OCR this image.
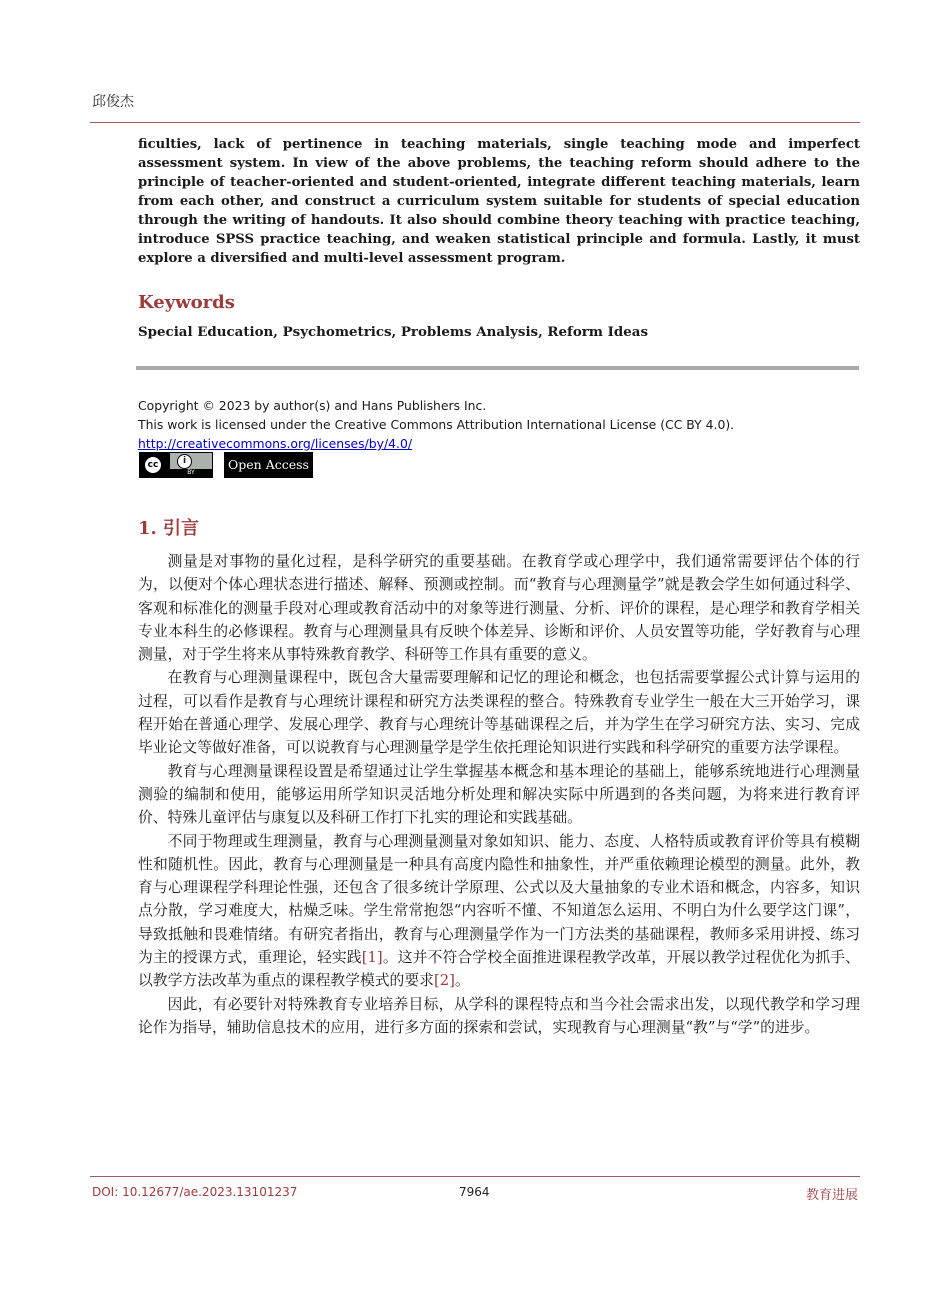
邱俊杰

ficulties, lack of pertinence in teaching materials, single teaching mode and imperfect assessment system. In view of the above problems, the teaching reform should adhere to the principle of teacher-oriented and student-oriented, integrate different teaching materials, learn from each other, and construct a curriculum system suitable for students of special education through the writing of handouts. It also should combine theory teaching with practice teaching, introduce SPSS practice teaching, and weaken statistical principle and formula. Lastly, it must explore a diversified and multi-level assessment program.

Keywords

Special Education, Psychometrics, Problems Analysis, Reform Ideas

Copyright © 2023 by author(s) and Hans Publishers Inc.
This work is licensed under the Creative Commons Attribution International License (CC BY 4.0).
http://creativecommons.org/licenses/by/4.0/
cc	i
BY
Open Access
1. 引言

测量是对事物的量化过程，是科学研究的重要基础。在教育学或心理学中，我们通常需要评估个体的行为，以便对个体心理状态进行描述、解释、预测或控制。而“教育与心理测量学”就是教会学生如何通过科学、客观和标准化的测量手段对心理或教育活动中的对象等进行测量、分析、评价的课程，是心理学和教育学相关专业本科生的必修课程。教育与心理测量具有反映个体差异、诊断和评价、人员安置等功能，学好教育与心理测量，对于学生将来从事特殊教育教学、科研等工作具有重要的意义。

在教育与心理测量课程中，既包含大量需要理解和记忆的理论和概念，也包括需要掌握公式计算与运用的过程，可以看作是教育与心理统计课程和研究方法类课程的整合。特殊教育专业学生一般在大三开始学习，课程开始在普通心理学、发展心理学、教育与心理统计等基础课程之后，并为学生在学习研究方法、实习、完成毕业论文等做好准备，可以说教育与心理测量学是学生依托理论知识进行实践和科学研究的重要方法学课程。

教育与心理测量课程设置是希望通过让学生掌握基本概念和基本理论的基础上，能够系统地进行心理测量测验的编制和使用，能够运用所学知识灵活地分析处理和解决实际中所遇到的各类问题，为将来进行教育评价、特殊儿童评估与康复以及科研工作打下扎实的理论和实践基础。

不同于物理或生理测量，教育与心理测量测量对象如知识、能力、态度、人格特质或教育评价等具有模糊性和随机性。因此，教育与心理测量是一种具有高度内隐性和抽象性，并严重依赖理论模型的测量。此外，教育与心理课程学科理论性强，还包含了很多统计学原理、公式以及大量抽象的专业术语和概念，内容多，知识点分散，学习难度大，枯燥乏味。学生常常抱怨“内容听不懂、不知道怎么运用、不明白为什么要学这门课”，导致抵触和畏难情绪。有研究者指出，教育与心理测量学作为一门方法类的基础课程，教师多采用讲授、练习为主的授课方式，重理论，轻实践[1]。这并不符合学校全面推进课程教学改革，开展以教学过程优化为抓手、以教学方法改革为重点的课程教学模式的要求[2]。

因此，有必要针对特殊教育专业培养目标，从学科的课程特点和当今社会需求出发，以现代教学和学习理论作为指导，辅助信息技术的应用，进行多方面的探索和尝试，实现教育与心理测量“教”与“学”的进步。

DOI: 10.12677/ae.2023.13101237	7964	教育进展
